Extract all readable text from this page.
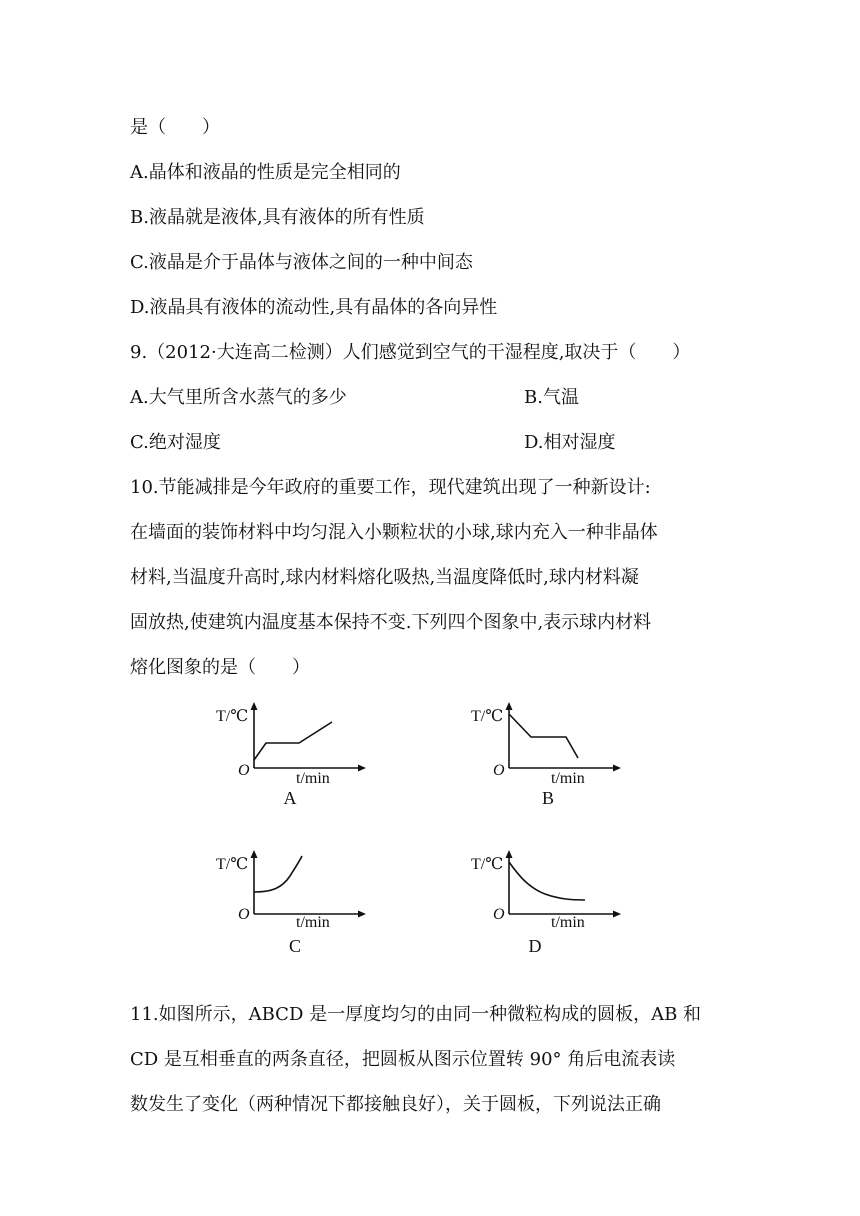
是（　　）
A.晶体和液晶的性质是完全相同的
B.液晶就是液体,具有液体的所有性质
C.液晶是介于晶体与液体之间的一种中间态
D.液晶具有液体的流动性,具有晶体的各向异性
9.（2012·大连高二检测）人们感觉到空气的干湿程度,取决于（　　）
A.大气里所含水蒸气的多少	B.气温
C.绝对湿度	D.相对湿度
10.节能减排是今年政府的重要工作，现代建筑出现了一种新设计:
在墙面的装饰材料中均匀混入小颗粒状的小球,球内充入一种非晶体
材料,当温度升高时,球内材料熔化吸热,当温度降低时,球内材料凝
固放热,使建筑内温度基本保持不变.下列四个图象中,表示球内材料
熔化图象的是（　　）
T/℃
O	t/min
A
T/℃
O	t/min
B
T/℃
O	t/min
C
T/℃
O	t/min
D
11.如图所示，ABCD 是一厚度均匀的由同一种微粒构成的圆板，AB 和
CD 是互相垂直的两条直径，把圆板从图示位置转 90° 角后电流表读
数发生了变化（两种情况下都接触良好），关于圆板，下列说法正确
